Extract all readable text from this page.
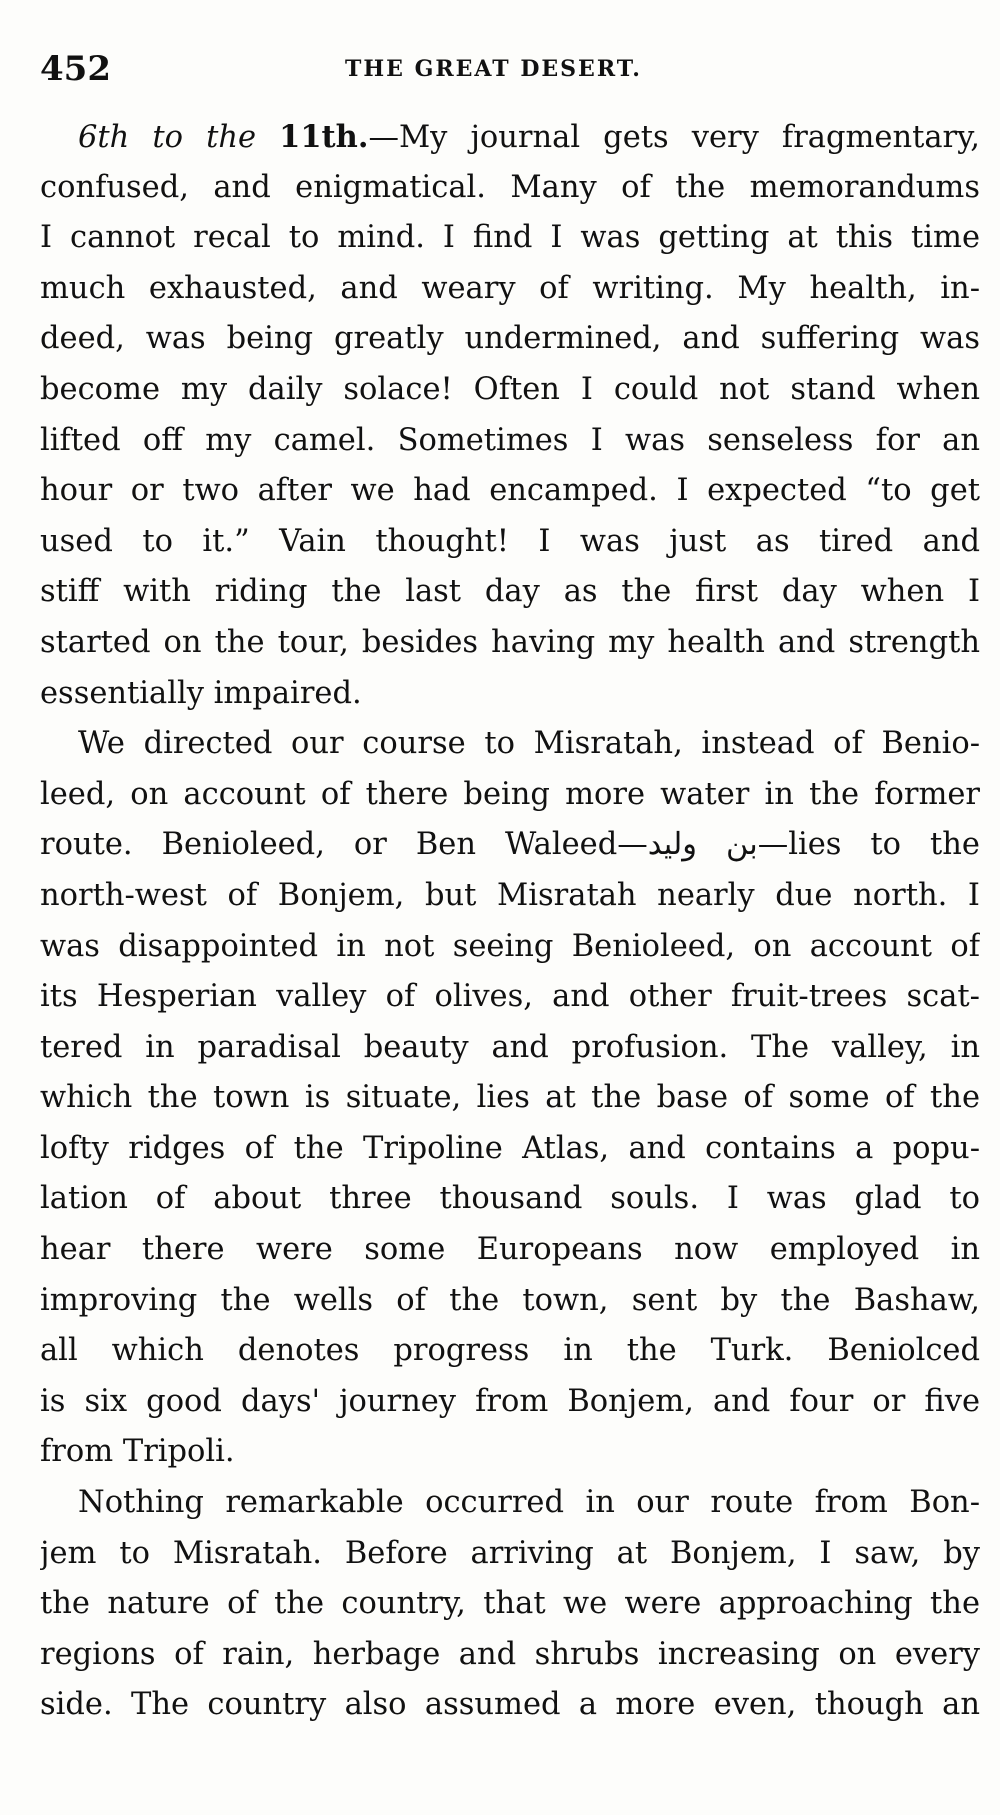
452	THE GREAT DESERT.
6th to the 11th.—My journal gets very fragmentary,
confused, and enigmatical. Many of the memorandums
I cannot recal to mind. I find I was getting at this time
much exhausted, and weary of writing. My health, in-
deed, was being greatly undermined, and suffering was
become my daily solace! Often I could not stand when
lifted off my camel. Sometimes I was senseless for an
hour or two after we had encamped. I expected “to get
used to it.” Vain thought! I was just as tired and
stiff with riding the last day as the first day when I
started on the tour, besides having my health and strength
essentially impaired.
We directed our course to Misratah, instead of Benio-
leed, on account of there being more water in the former
route. Benioleed, or Ben Waleed—بن وليد—lies to the
north-west of Bonjem, but Misratah nearly due north. I
was disappointed in not seeing Benioleed, on account of
its Hesperian valley of olives, and other fruit-trees scat-
tered in paradisal beauty and profusion. The valley, in
which the town is situate, lies at the base of some of the
lofty ridges of the Tripoline Atlas, and contains a popu-
lation of about three thousand souls. I was glad to
hear there were some Europeans now employed in
improving the wells of the town, sent by the Bashaw,
all which denotes progress in the Turk. Beniolced
is six good days' journey from Bonjem, and four or five
from Tripoli.
Nothing remarkable occurred in our route from Bon-
jem to Misratah. Before arriving at Bonjem, I saw, by
the nature of the country, that we were approaching the
regions of rain, herbage and shrubs increasing on every
side. The country also assumed a more even, though an
